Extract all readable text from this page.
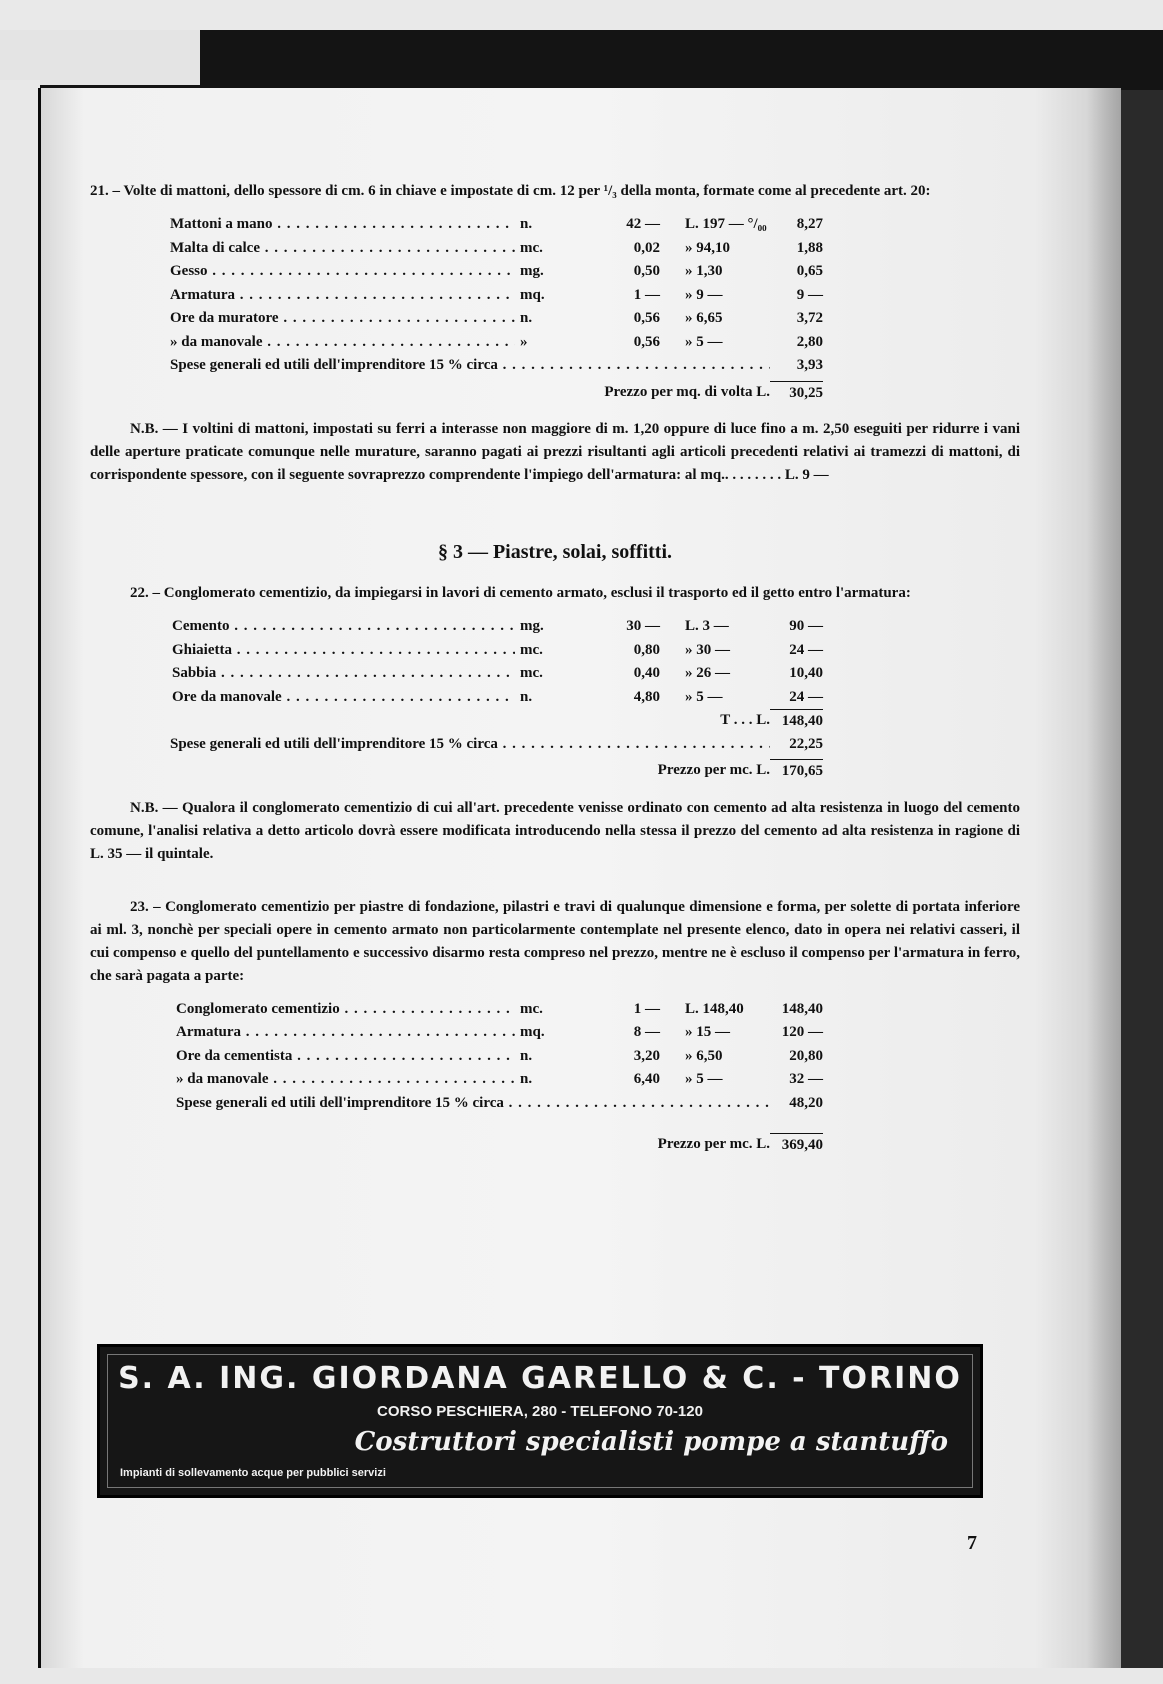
21. – Volte di mattoni, dello spessore di cm. 6 in chiave e impostate di cm. 12 per ¹/₃ della monta, formate come al precedente art. 20:

Mattoni a mano . . .	n.	42 — L. 197 — °/₀₀	8,27
Malta di calce . . .	mc.	0,02 » 94,10	1,88
Gesso . . .	mg.	0,50 » 1,30	0,65
Armatura . . .	mq.	1 — » 9 —	9 —
Ore da muratore . . .	n.	0,56 » 6,65	3,72
» da manovale . . .	»	0,56 » 5 —	2,80
Spese generali ed utili dell'imprenditore 15 % circa . . .	3,93
Prezzo per mq. di volta L.	30,25

N.B. — I voltini di mattoni, impostati su ferri a interasse non maggiore di m. 1,20 oppure di luce fino a m. 2,50 eseguiti per ridurre i vani delle aperture praticate comunque nelle murature, saranno pagati ai prezzi risultanti agli articoli precedenti relativi ai tramezzi di mattoni, di corrispondente spessore, con il seguente sovraprezzo comprendente l'impiego dell'armatura: al mq.. . . . . . . . L. 9 —

§ 3 — Piastre, solai, soffitti.

22. – Conglomerato cementizio, da impiegarsi in lavori di cemento armato, esclusi il trasporto ed il getto entro l'armatura:

Cemento . . .	mg.	30 — L. 3 —	90 —
Ghiaietta . . .	mc.	0,80 » 30 —	24 —
Sabbia . . .	mc.	0,40 » 26 —	10,40
Ore da manovale . . .	n.	4,80 » 5 —	24 —
T . . . L. 148,40
Spese generali ed utili dell'imprenditore 15 % circa . . .	22,25
Prezzo per mc. L. 170,65

N.B. — Qualora il conglomerato cementizio di cui all'art. precedente venisse ordinato con cemento ad alta resistenza in luogo del cemento comune, l'analisi relativa a detto articolo dovrà essere modificata introducendo nella stessa il prezzo del cemento ad alta resistenza in ragione di L. 35 — il quintale.

23. – Conglomerato cementizio per piastre di fondazione, pilastri e travi di qualunque dimensione e forma, per solette di portata inferiore ai ml. 3, nonchè per speciali opere in cemento armato non particolarmente contemplate nel presente elenco, dato in opera nei relativi casseri, il cui compenso e quello del puntellamento e successivo disarmo resta compreso nel prezzo, mentre ne è escluso il compenso per l'armatura in ferro, che sarà pagata a parte:

Conglomerato cementizio . . .	mc.	1 — L. 148,40	148,40
Armatura . . .	mq.	8 — » 15 —	120 —
Ore da cementista . . .	n.	3,20 » 6,50	20,80
» da manovale . . .	n.	6,40 » 5 —	32 —
Spese generali ed utili dell'imprenditore 15 % circa . . .	48,20
Prezzo per mc. L. 369,40
7
S. A. ING. GIORDANA GARELLO & C. - TORINO
CORSO PESCHIERA, 280 - TELEFONO 70-120
Costruttori specialisti pompe a stantuffo
Impianti di sollevamento acque per pubblici servizi
